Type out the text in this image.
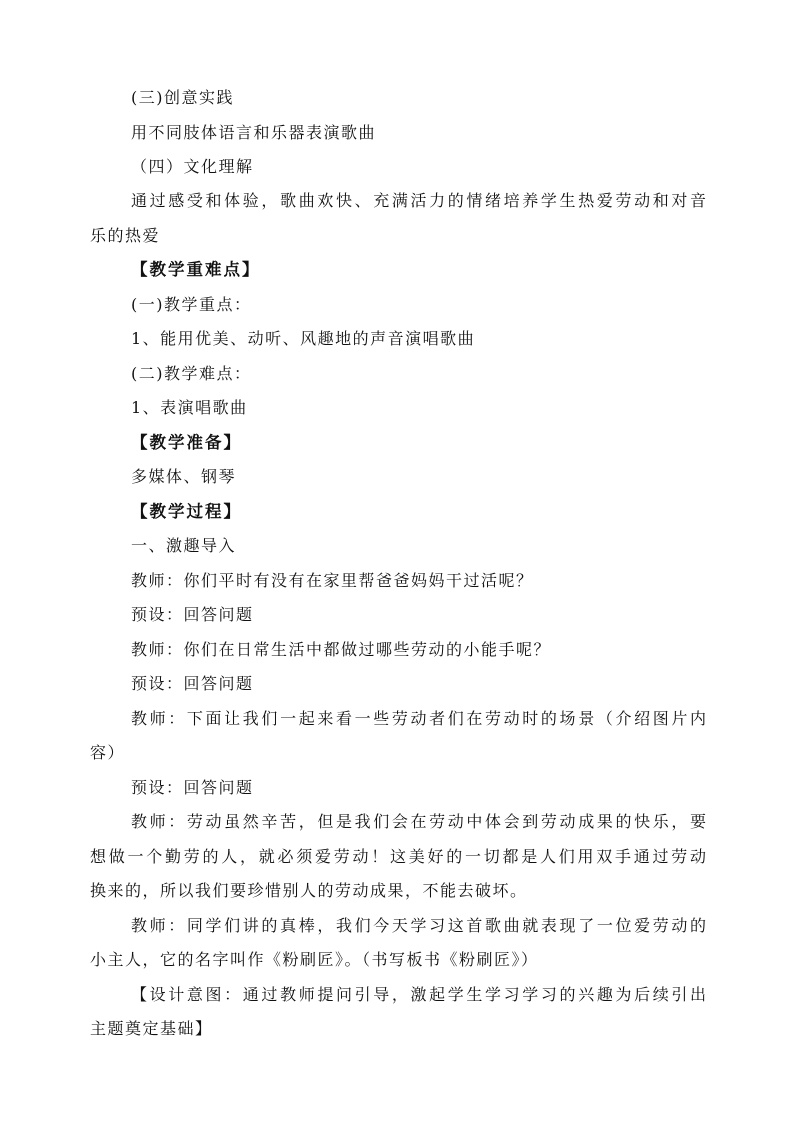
(三)创意实践
用不同肢体语言和乐器表演歌曲
（四）文化理解
通过感受和体验，歌曲欢快、充满活力的情绪培养学生热爱劳动和对音
乐的热爱
【教学重难点】
(一)教学重点：
1、能用优美、动听、风趣地的声音演唱歌曲
(二)教学难点：
1、表演唱歌曲
【教学准备】
多媒体、钢琴
【教学过程】
一、激趣导入
教师：你们平时有没有在家里帮爸爸妈妈干过活呢？
预设：回答问题
教师：你们在日常生活中都做过哪些劳动的小能手呢？
预设：回答问题
教师：下面让我们一起来看一些劳动者们在劳动时的场景（介绍图片内
容）
预设：回答问题
教师：劳动虽然辛苦，但是我们会在劳动中体会到劳动成果的快乐，要
想做一个勤劳的人，就必须爱劳动！这美好的一切都是人们用双手通过劳动
换来的，所以我们要珍惜别人的劳动成果，不能去破坏。
教师：同学们讲的真棒，我们今天学习这首歌曲就表现了一位爱劳动的
小主人，它的名字叫作《粉刷匠》。（书写板书《粉刷匠》）
【设计意图：通过教师提问引导，激起学生学习学习的兴趣为后续引出
主题奠定基础】
